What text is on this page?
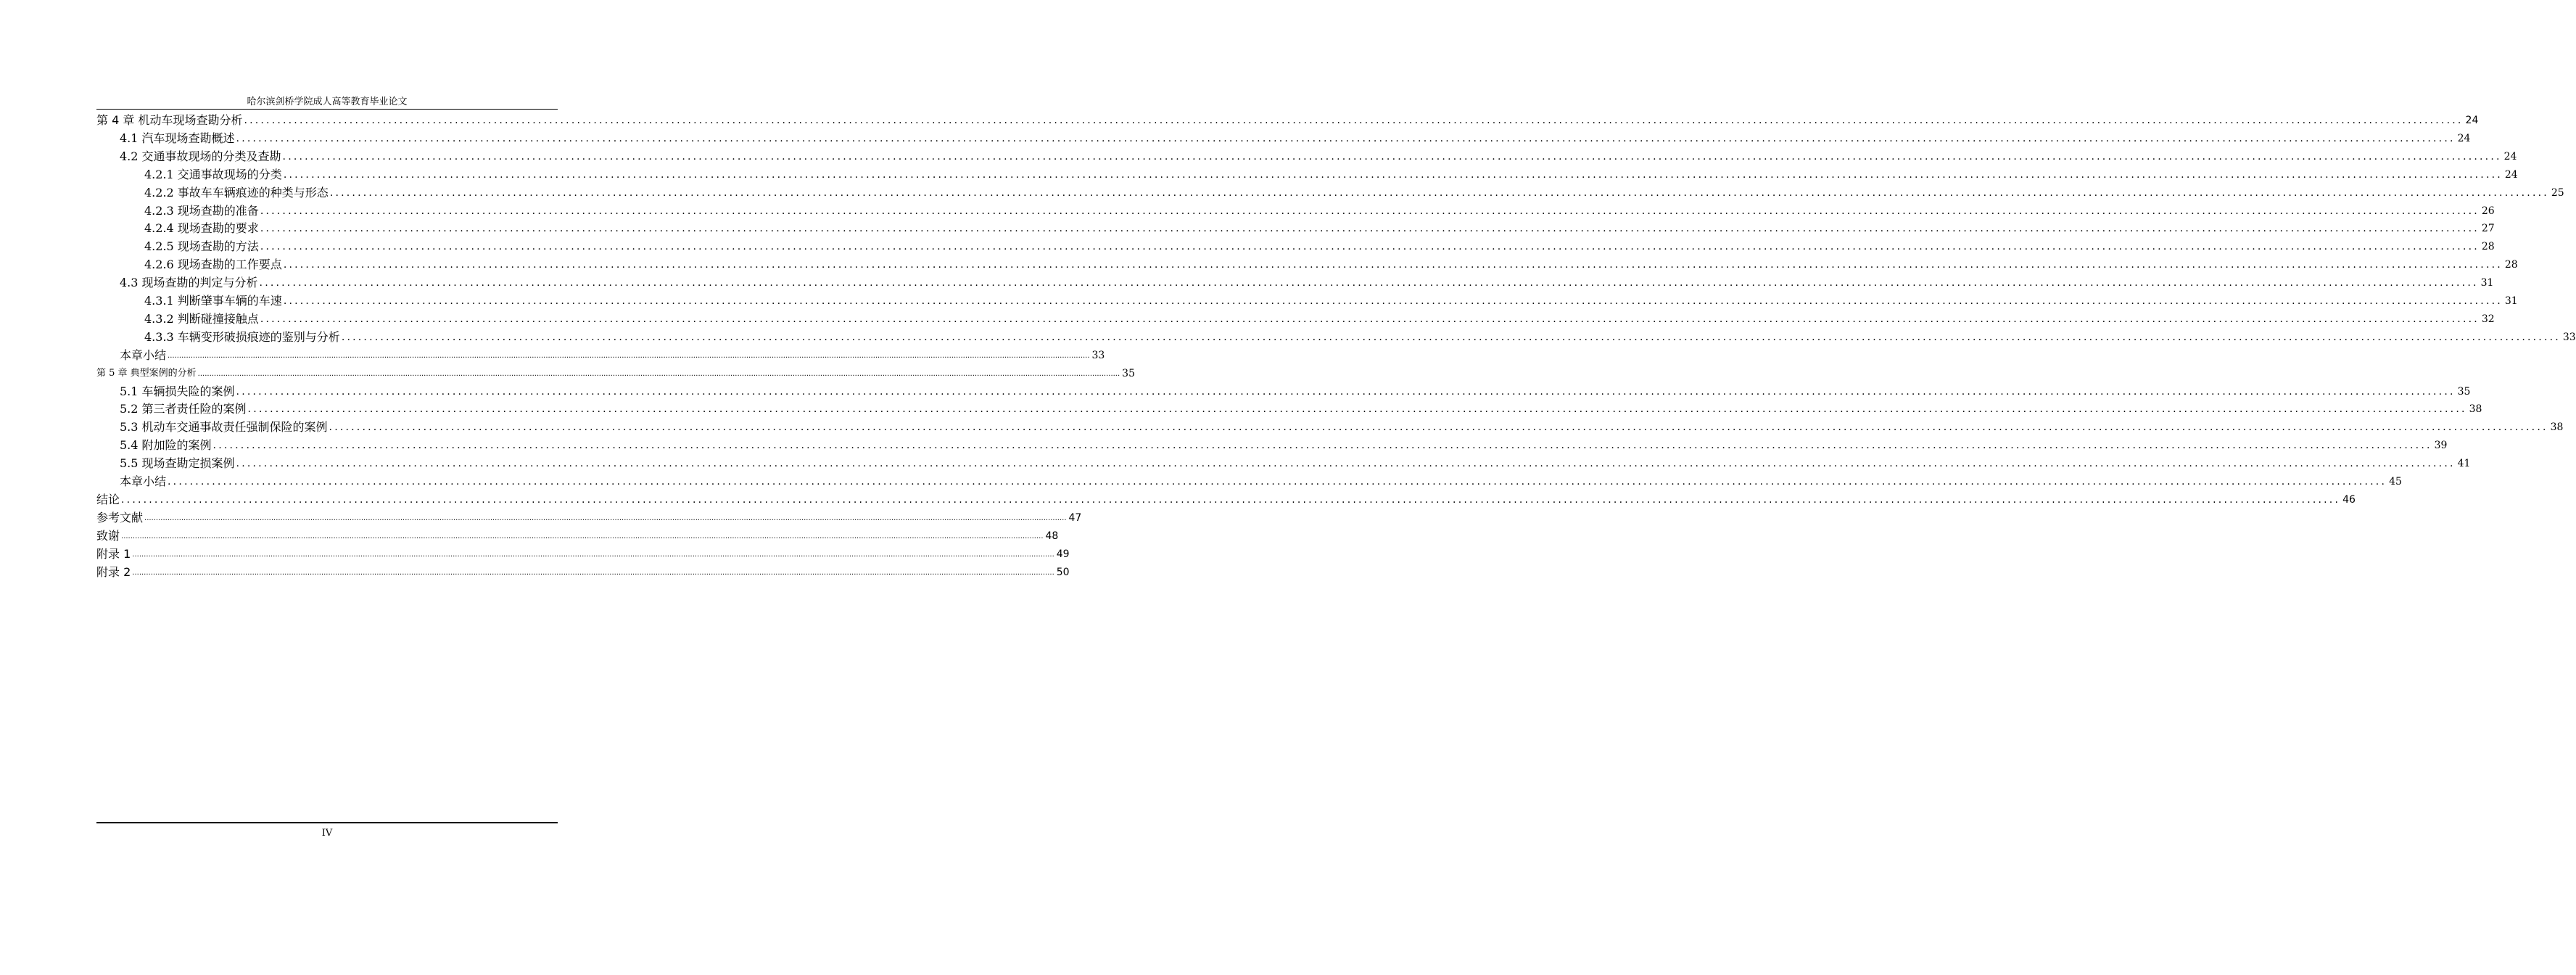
哈尔滨剑桥学院成人高等教育毕业论文
第 4 章 机动车现场查勘分析 ................................................................................................................................................................................................................................................................................................................................................................................................................ 24
4.1 汽车现场查勘概述 ................................................................................................................................................................................................................................................................................................................................................................................................................ 24
4.2 交通事故现场的分类及查勘 ................................................................................................................................................................................................................................................................................................................................................................................................................ 24
4.2.1 交通事故现场的分类 ................................................................................................................................................................................................................................................................................................................................................................................................................ 24
4.2.2 事故车车辆痕迹的种类与形态 ................................................................................................................................................................................................................................................................................................................................................................................................................ 25
4.2.3 现场查勘的准备 ................................................................................................................................................................................................................................................................................................................................................................................................................ 26
4.2.4 现场查勘的要求 ................................................................................................................................................................................................................................................................................................................................................................................................................ 27
4.2.5 现场查勘的方法 ................................................................................................................................................................................................................................................................................................................................................................................................................ 28
4.2.6 现场查勘的工作要点 ................................................................................................................................................................................................................................................................................................................................................................................................................ 28
4.3 现场查勘的判定与分析 ................................................................................................................................................................................................................................................................................................................................................................................................................ 31
4.3.1 判断肇事车辆的车速 ................................................................................................................................................................................................................................................................................................................................................................................................................ 31
4.3.2 判断碰撞接触点 ................................................................................................................................................................................................................................................................................................................................................................................................................ 32
4.3.3 车辆变形破损痕迹的鉴别与分析 ................................................................................................................................................................................................................................................................................................................................................................................................................ 33
本章小结 ................................................................................................................................................................................................................................................................................................................................................................................................................ 33
第 5 章 典型案例的分析 ................................................................................................................................................................................................................................................................................................................................................................................................................ 35
5.1 车辆损失险的案例 ................................................................................................................................................................................................................................................................................................................................................................................................................ 35
5.2 第三者责任险的案例 ................................................................................................................................................................................................................................................................................................................................................................................................................ 38
5.3 机动车交通事故责任强制保险的案例 ................................................................................................................................................................................................................................................................................................................................................................................................................ 38
5.4 附加险的案例 ................................................................................................................................................................................................................................................................................................................................................................................................................ 39
5.5 现场查勘定损案例 ................................................................................................................................................................................................................................................................................................................................................................................................................ 41
本章小结 ................................................................................................................................................................................................................................................................................................................................................................................................................ 45
结论 ................................................................................................................................................................................................................................................................................................................................................................................................................ 46
参考文献 ................................................................................................................................................................................................................................................................................................................................................................................................................ 47
致谢 ................................................................................................................................................................................................................................................................................................................................................................................................................ 48
附录 1 ................................................................................................................................................................................................................................................................................................................................................................................................................ 49
附录 2 ................................................................................................................................................................................................................................................................................................................................................................................................................ 50
IV
